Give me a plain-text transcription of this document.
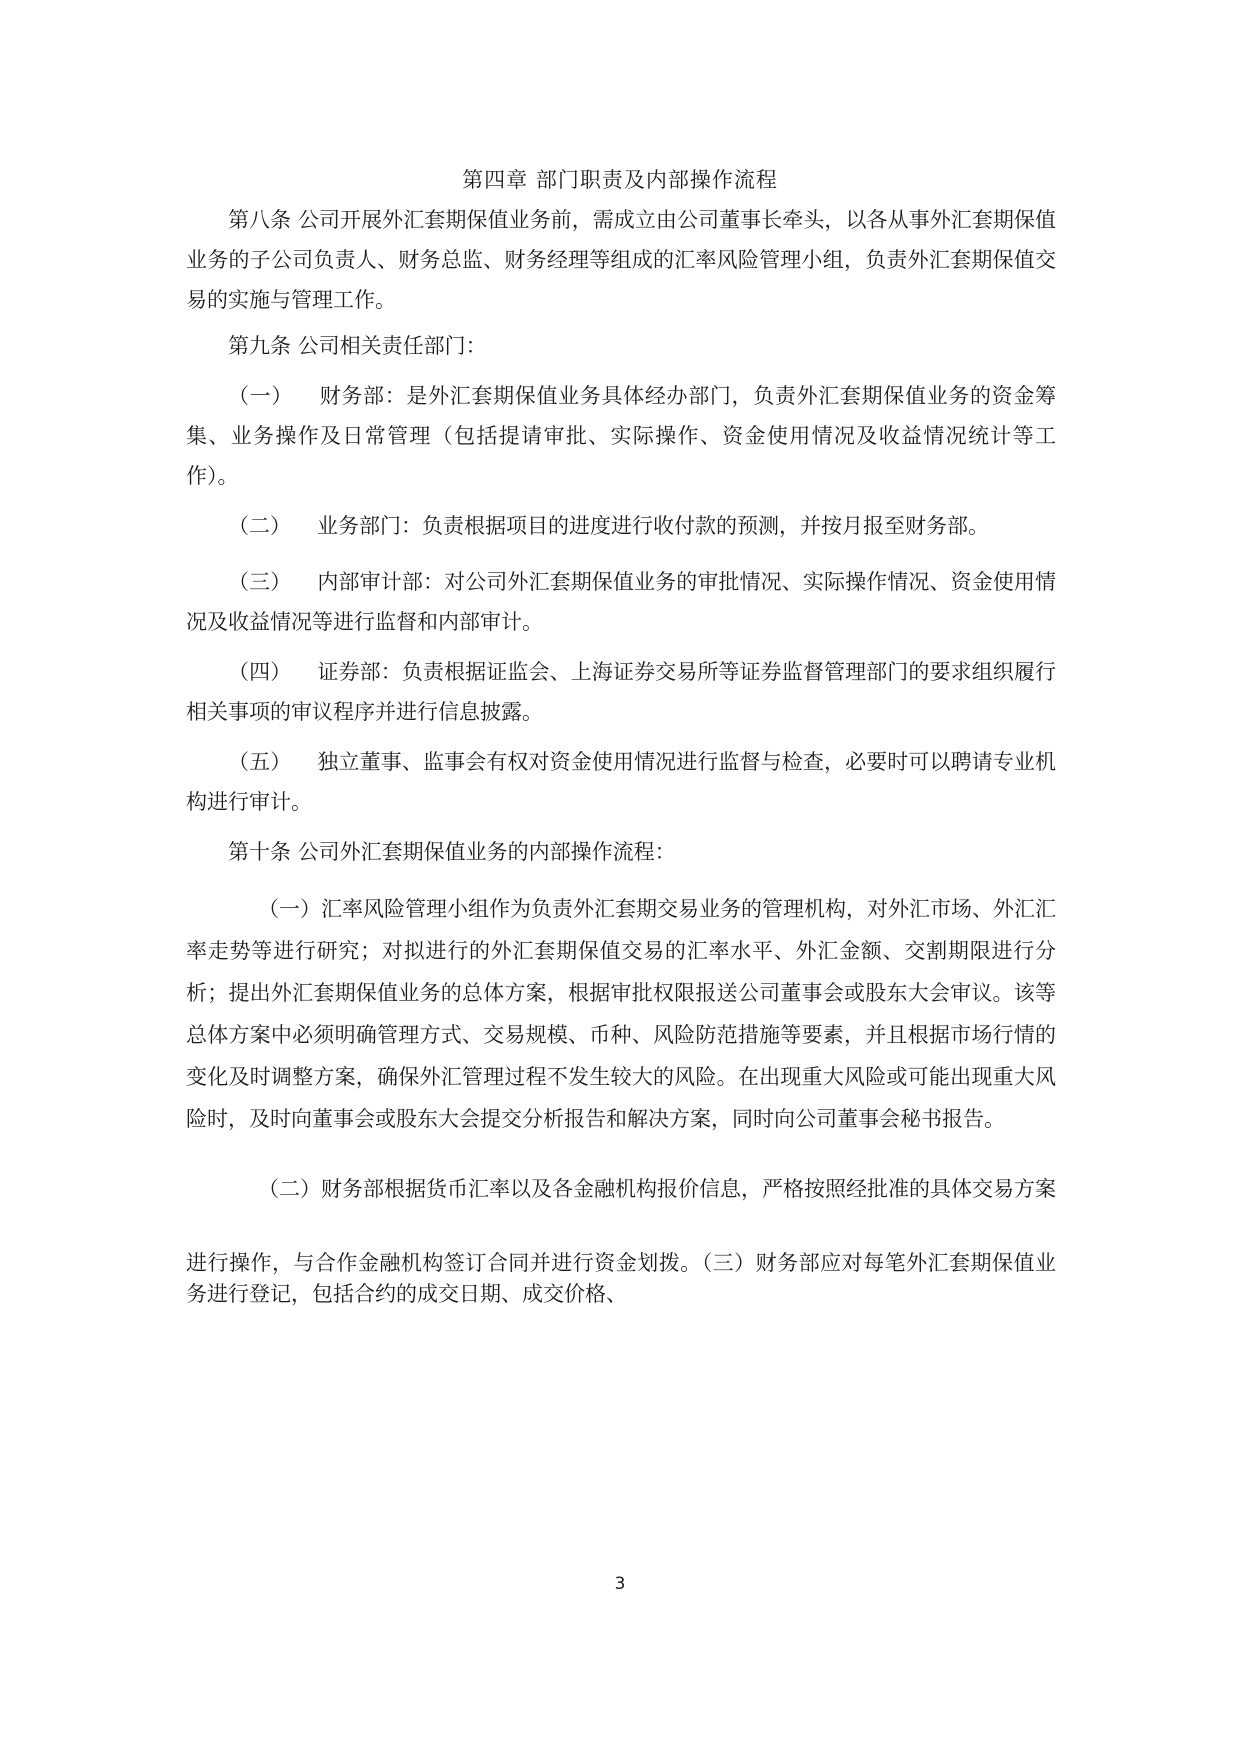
第四章 部门职责及内部操作流程
第八条 公司开展外汇套期保值业务前，需成立由公司董事长牵头，以各从事外汇套期保值业务的子公司负责人、财务总监、财务经理等组成的汇率风险管理小组，负责外汇套期保值交易的实施与管理工作。
第九条 公司相关责任部门：
（一） 财务部：是外汇套期保值业务具体经办部门，负责外汇套期保值业务的资金筹集、业务操作及日常管理（包括提请审批、实际操作、资金使用情况及收益情况统计等工作）。
（二） 业务部门：负责根据项目的进度进行收付款的预测，并按月报至财务部。
（三） 内部审计部：对公司外汇套期保值业务的审批情况、实际操作情况、资金使用情况及收益情况等进行监督和内部审计。
（四） 证券部：负责根据证监会、上海证券交易所等证券监督管理部门的要求组织履行相关事项的审议程序并进行信息披露。
（五） 独立董事、监事会有权对资金使用情况进行监督与检查，必要时可以聘请专业机构进行审计。
第十条 公司外汇套期保值业务的内部操作流程：
（一）汇率风险管理小组作为负责外汇套期交易业务的管理机构，对外汇市场、外汇汇率走势等进行研究；对拟进行的外汇套期保值交易的汇率水平、外汇金额、交割期限进行分析；提出外汇套期保值业务的总体方案，根据审批权限报送公司董事会或股东大会审议。该等总体方案中必须明确管理方式、交易规模、币种、风险防范措施等要素，并且根据市场行情的变化及时调整方案，确保外汇管理过程不发生较大的风险。在出现重大风险或可能出现重大风险时，及时向董事会或股东大会提交分析报告和解决方案，同时向公司董事会秘书报告。
（二）财务部根据货币汇率以及各金融机构报价信息，严格按照经批准的具体交易方案
进行操作，与合作金融机构签订合同并进行资金划拨。（三）财务部应对每笔外汇套期保值业务进行登记，包括合约的成交日期、成交价格、
3
